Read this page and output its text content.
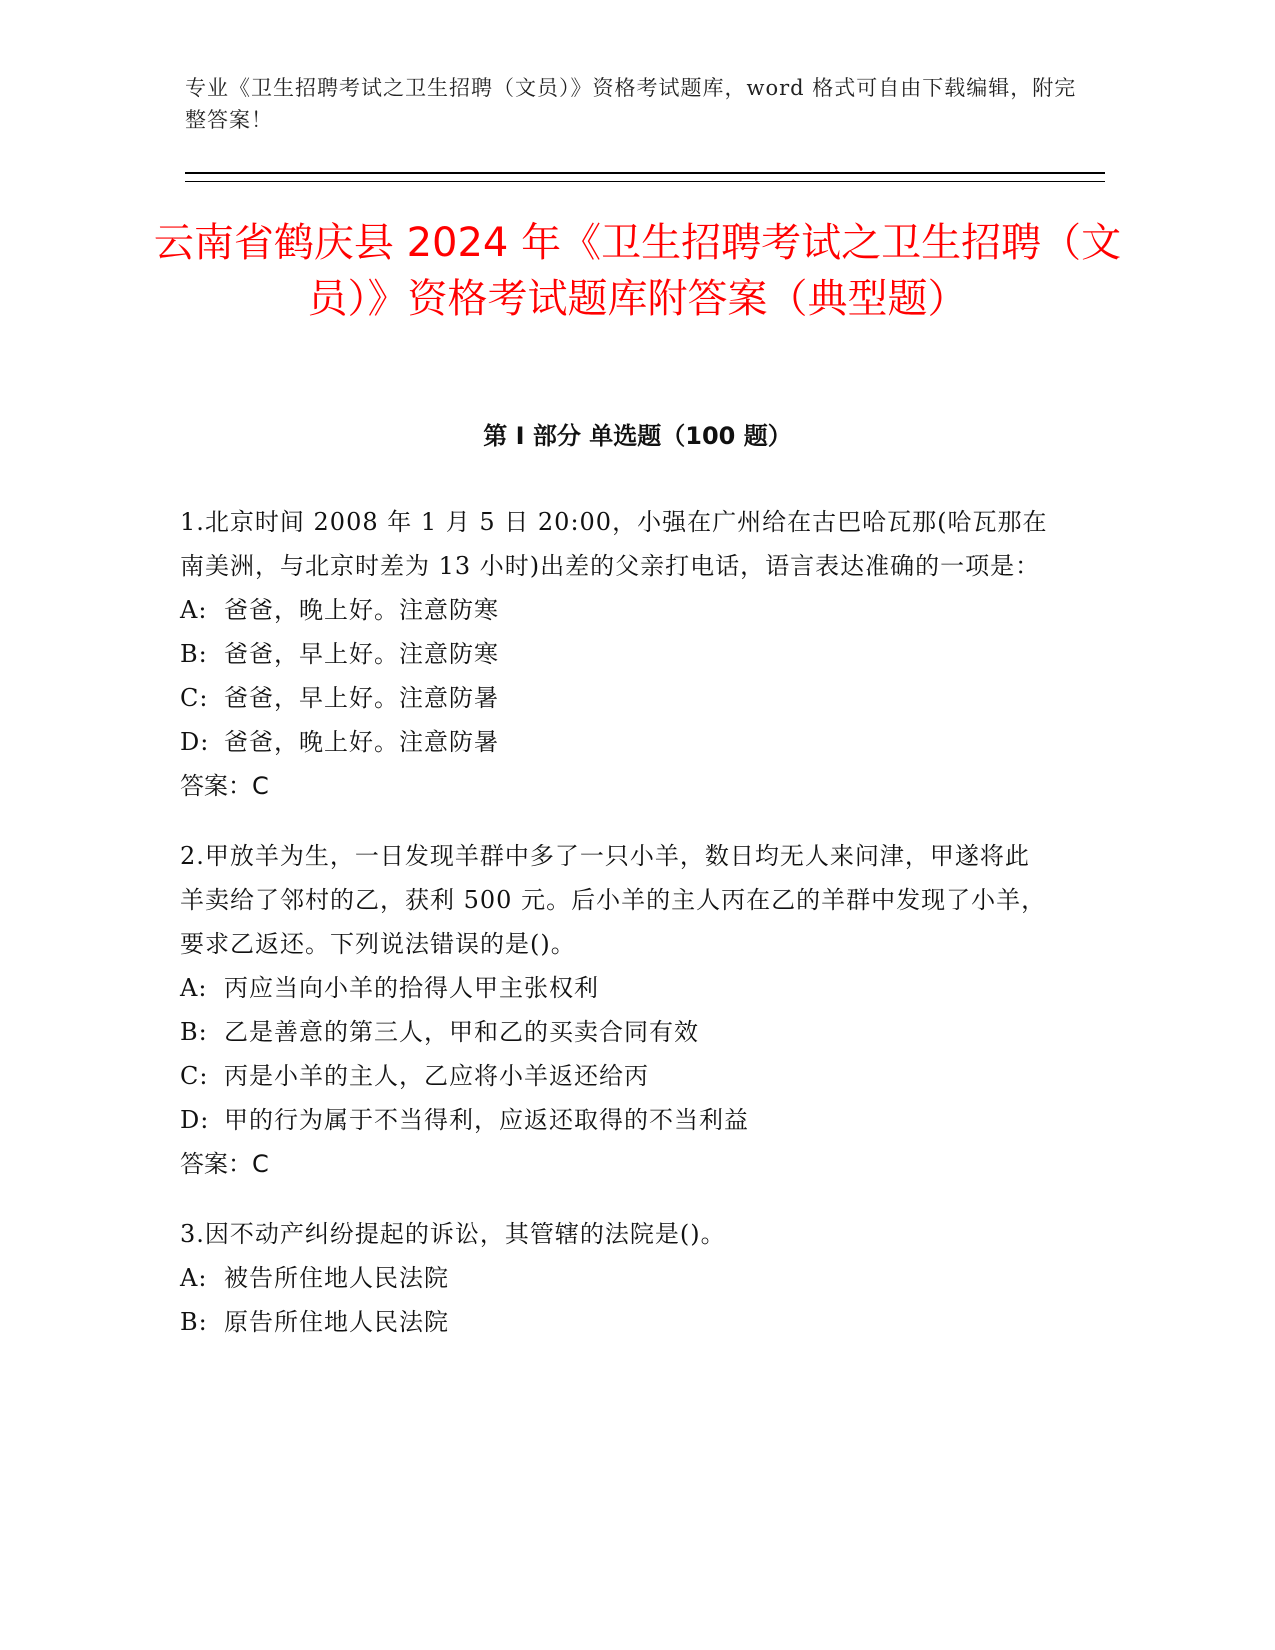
专业《卫生招聘考试之卫生招聘（文员）》资格考试题库，word 格式可自由下载编辑，附完整答案！
云南省鹤庆县 2024 年《卫生招聘考试之卫生招聘（文员）》资格考试题库附答案（典型题）
第 I 部分 单选题（100 题）

1.北京时间 2008 年 1 月 5 日 20:00，小强在广州给在古巴哈瓦那(哈瓦那在南美洲，与北京时差为 13 小时)出差的父亲打电话，语言表达准确的一项是：

A: 爸爸，晚上好。注意防寒

B: 爸爸，早上好。注意防寒

C: 爸爸，早上好。注意防暑

D: 爸爸，晚上好。注意防暑

答案：C

2.甲放羊为生，一日发现羊群中多了一只小羊，数日均无人来问津，甲遂将此羊卖给了邻村的乙，获利 500 元。后小羊的主人丙在乙的羊群中发现了小羊，要求乙返还。下列说法错误的是()。

A: 丙应当向小羊的拾得人甲主张权利

B: 乙是善意的第三人，甲和乙的买卖合同有效

C: 丙是小羊的主人，乙应将小羊返还给丙

D: 甲的行为属于不当得利，应返还取得的不当利益

答案：C

3.因不动产纠纷提起的诉讼，其管辖的法院是()。

A: 被告所住地人民法院

B: 原告所住地人民法院
